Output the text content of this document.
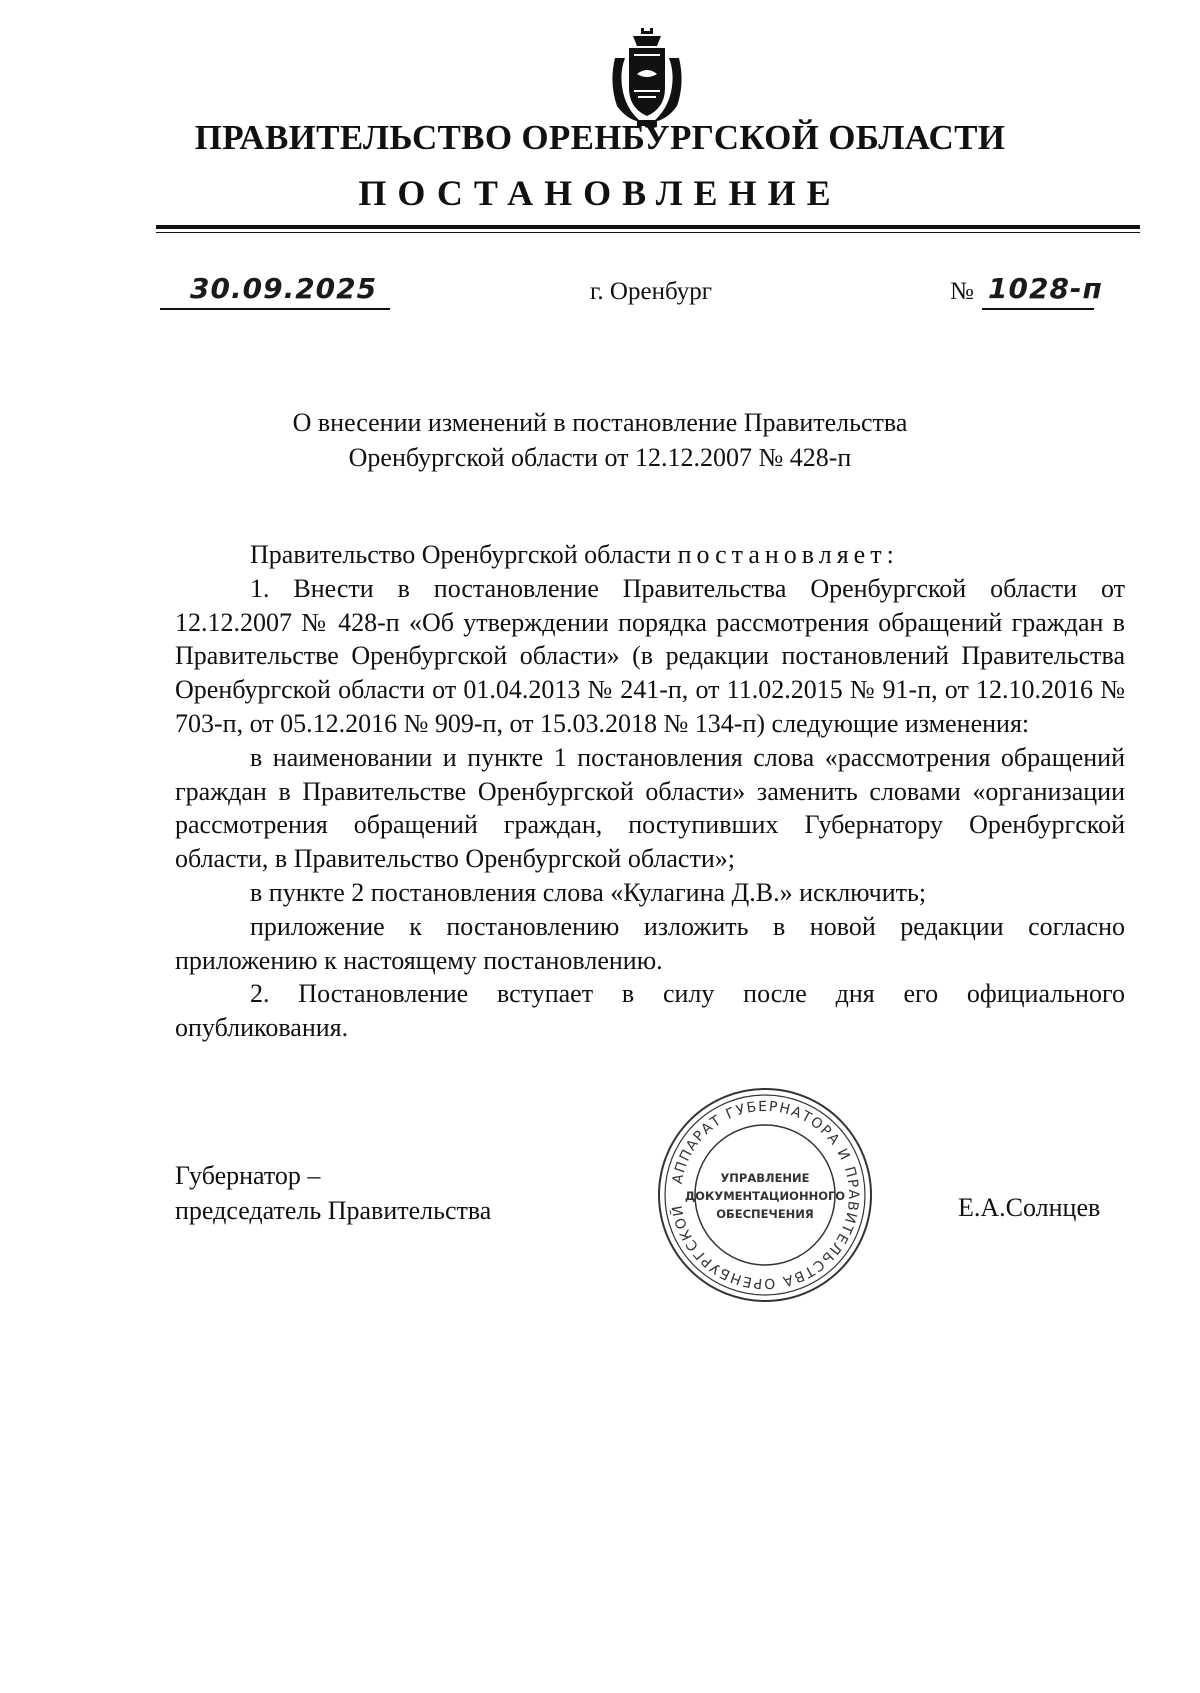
ПРАВИТЕЛЬСТВО ОРЕНБУРГСКОЙ ОБЛАСТИ
ПОСТАНОВЛЕНИЕ
30.09.2025	г. Оренбург	№ 1028-п
О внесении изменений в постановление Правительства
Оренбургской области от 12.12.2007 № 428-п

Правительство Оренбургской области постановляет:

1. Внести в постановление Правительства Оренбургской области от 12.12.2007 № 428-п «Об утверждении порядка рассмотрения обращений граждан в Правительстве Оренбургской области» (в редакции постановлений Правительства Оренбургской области от 01.04.2013 № 241-п, от 11.02.2015 № 91-п, от 12.10.2016 № 703-п, от 05.12.2016 № 909-п, от 15.03.2018 № 134-п) следующие изменения:

в наименовании и пункте 1 постановления слова «рассмотрения обращений граждан в Правительстве Оренбургской области» заменить словами «организации рассмотрения обращений граждан, поступивших Губернатору Оренбургской области, в Правительство Оренбургской области»;

в пункте 2 постановления слова «Кулагина Д.В.» исключить;

приложение к постановлению изложить в новой редакции согласно приложению к настоящему постановлению.

2. Постановление вступает в силу после дня его официального опубликования.

Губернатор –
председатель Правительства	Е.А.Солнцев
АППАРАТ ГУБЕРНАТОРА И ПРАВИТЕЛЬСТВА ОРЕНБУРГСКОЙ
УПРАВЛЕНИЕ
ДОКУМЕНТАЦИОННОГО
ОБЕСПЕЧЕНИЯ
